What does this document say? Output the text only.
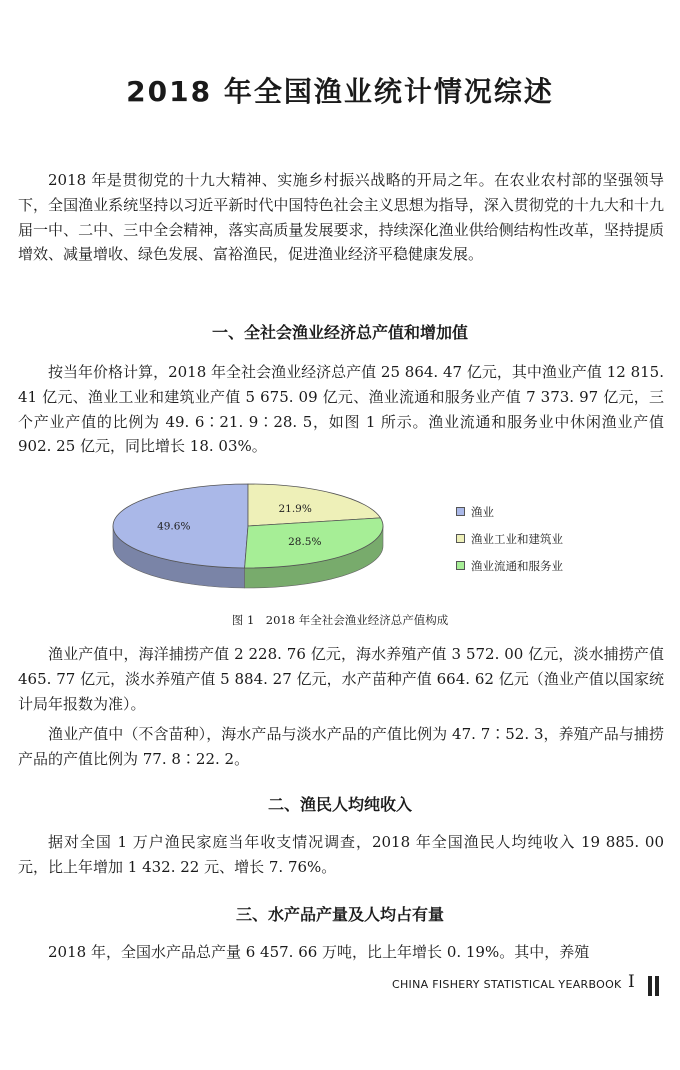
2018 年全国渔业统计情况综述

2018 年是贯彻党的十九大精神、实施乡村振兴战略的开局之年。在农业农村部的坚强领导下，全国渔业系统坚持以习近平新时代中国特色社会主义思想为指导，深入贯彻党的十九大和十九届一中、二中、三中全会精神，落实高质量发展要求，持续深化渔业供给侧结构性改革，坚持提质增效、减量增收、绿色发展、富裕渔民，促进渔业经济平稳健康发展。

一、全社会渔业经济总产值和增加值

按当年价格计算，2018 年全社会渔业经济总产值 25 864. 47 亿元，其中渔业产值 12 815. 41 亿元、渔业工业和建筑业产值 5 675. 09 亿元、渔业流通和服务业产值 7 373. 97 亿元，三个产业产值的比例为 49. 6∶21. 9∶28. 5，如图 1 所示。渔业流通和服务业中休闲渔业产值 902. 25 亿元，同比增长 18. 03%。

49.6%
21.9%
28.5%
渔业
渔业工业和建筑业
渔业流通和服务业
图 1　2018 年全社会渔业经济总产值构成

渔业产值中，海洋捕捞产值 2 228. 76 亿元，海水养殖产值 3 572. 00 亿元，淡水捕捞产值 465. 77 亿元，淡水养殖产值 5 884. 27 亿元，水产苗种产值 664. 62 亿元（渔业产值以国家统计局年报数为准）。

渔业产值中（不含苗种），海水产品与淡水产品的产值比例为 47. 7∶52. 3，养殖产品与捕捞产品的产值比例为 77. 8∶22. 2。

二、渔民人均纯收入

据对全国 1 万户渔民家庭当年收支情况调查，2018 年全国渔民人均纯收入 19 885. 00 元，比上年增加 1 432. 22 元、增长 7. 76%。

三、水产品产量及人均占有量

2018 年，全国水产品总产量 6 457. 66 万吨，比上年增长 0. 19%。其中，养殖

CHINA FISHERY STATISTICAL YEARBOOK I
